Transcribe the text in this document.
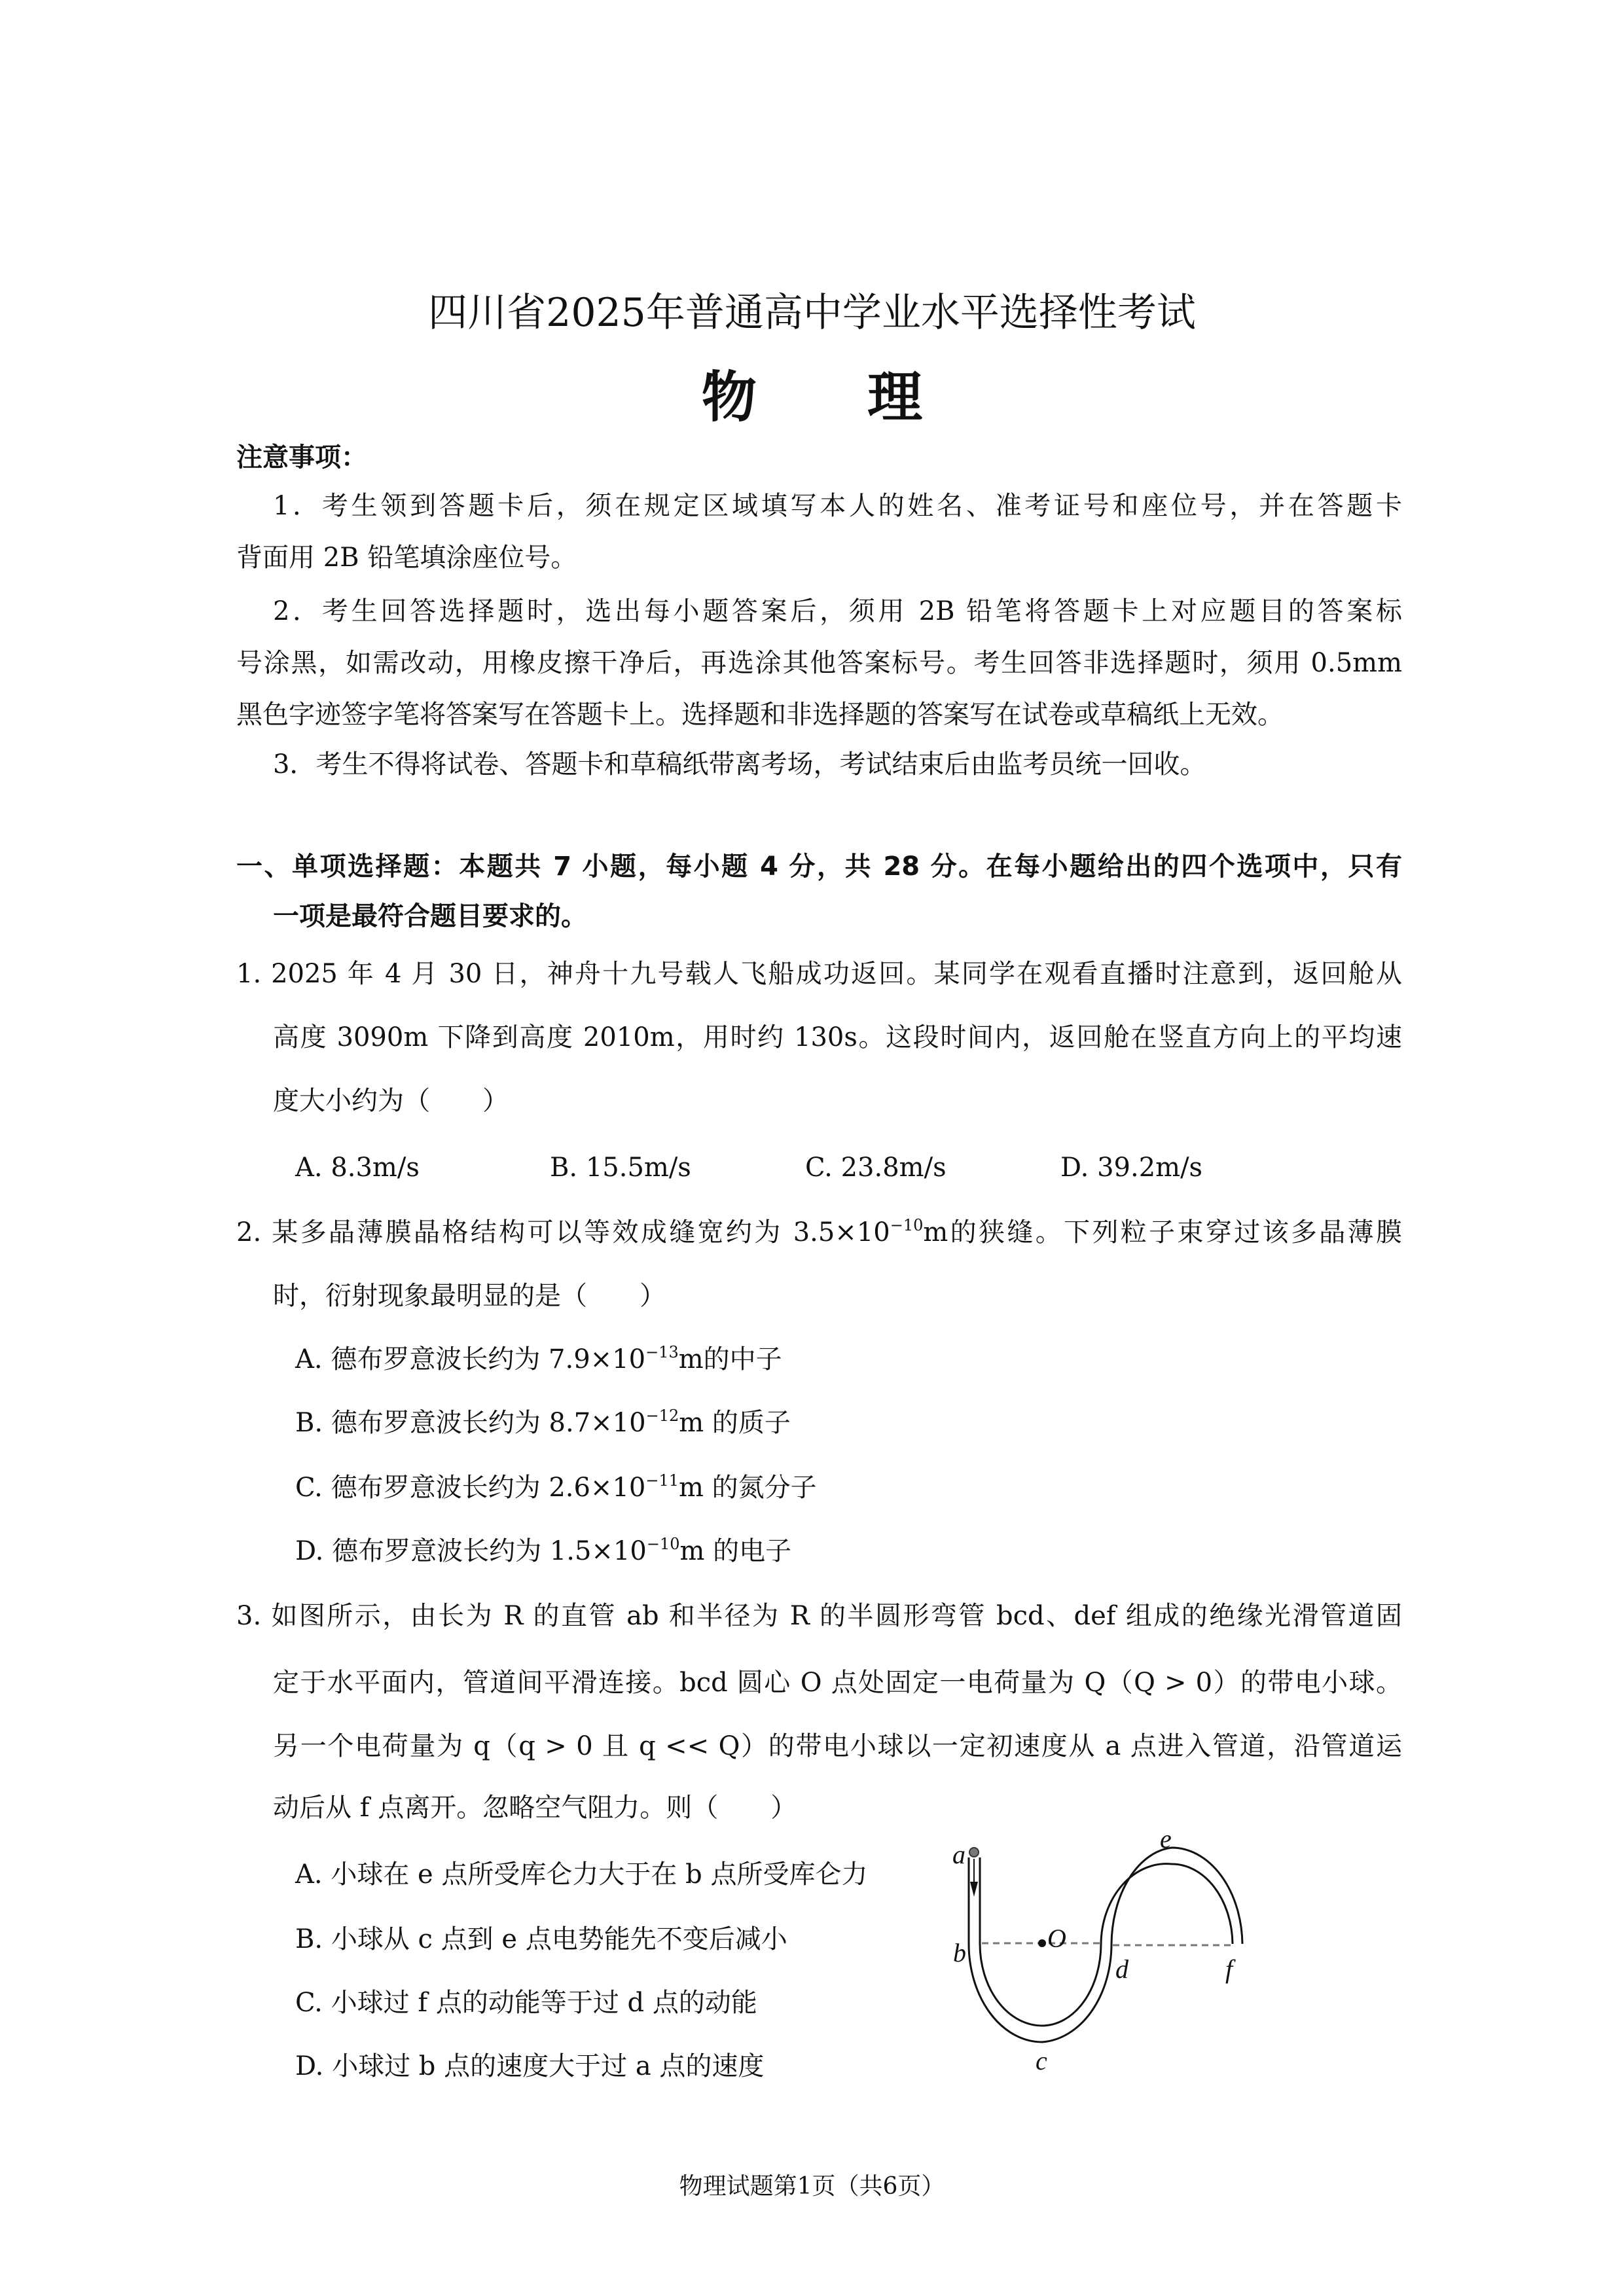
四川省2025年普通高中学业水平选择性考试
物 理
注意事项：
1．考生领到答题卡后，须在规定区域填写本人的姓名、准考证号和座位号，并在答题卡
背面用 2B 铅笔填涂座位号。
2．考生回答选择题时，选出每小题答案后，须用 2B 铅笔将答题卡上对应题目的答案标
号涂黑，如需改动，用橡皮擦干净后，再选涂其他答案标号。考生回答非选择题时，须用 0.5mm
黑色字迹签字笔将答案写在答题卡上。选择题和非选择题的答案写在试卷或草稿纸上无效。
3．考生不得将试卷、答题卡和草稿纸带离考场，考试结束后由监考员统一回收。
一、单项选择题：本题共 7 小题，每小题 4 分，共 28 分。在每小题给出的四个选项中，只有
一项是最符合题目要求的。
1. 2025 年 4 月 30 日，神舟十九号载人飞船成功返回。某同学在观看直播时注意到，返回舱从
高度 3090m 下降到高度 2010m，用时约 130s。这段时间内，返回舱在竖直方向上的平均速
度大小约为（　　）
A. 8.3m/s	B. 15.5m/s	C. 23.8m/s	D. 39.2m/s
2. 某多晶薄膜晶格结构可以等效成缝宽约为 $3.5\times 10^{-10}m$的狭缝。下列粒子束穿过该多晶薄膜
时，衍射现象最明显的是（　　）
A. 德布罗意波长约为 $7.9\times 10^{-13}m$的中子
B. 德布罗意波长约为 $8.7\times 10^{-12}m$ 的质子
C. 德布罗意波长约为 $2.6\times 10^{-11}m$ 的氮分子
D. 德布罗意波长约为 $1.5\times 10^{-10}m$ 的电子
3. 如图所示，由长为 R 的直管 ab 和半径为 R 的半圆形弯管 bcd、def 组成的绝缘光滑管道固
定于水平面内，管道间平滑连接。bcd 圆心 O 点处固定一电荷量为 Q（Q > 0）的带电小球。
另一个电荷量为 q（q > 0 且 q << Q）的带电小球以一定初速度从 a 点进入管道，沿管道运
动后从 f 点离开。忽略空气阻力。则（　　）
A. 小球在 e 点所受库仑力大于在 b 点所受库仑力
B. 小球从 c 点到 e 点电势能先不变后减小
C. 小球过 f 点的动能等于过 d 点的动能
D. 小球过 b 点的速度大于过 a 点的速度
a
e
O
b
d	f
c
物理试题第1页（共6页）
